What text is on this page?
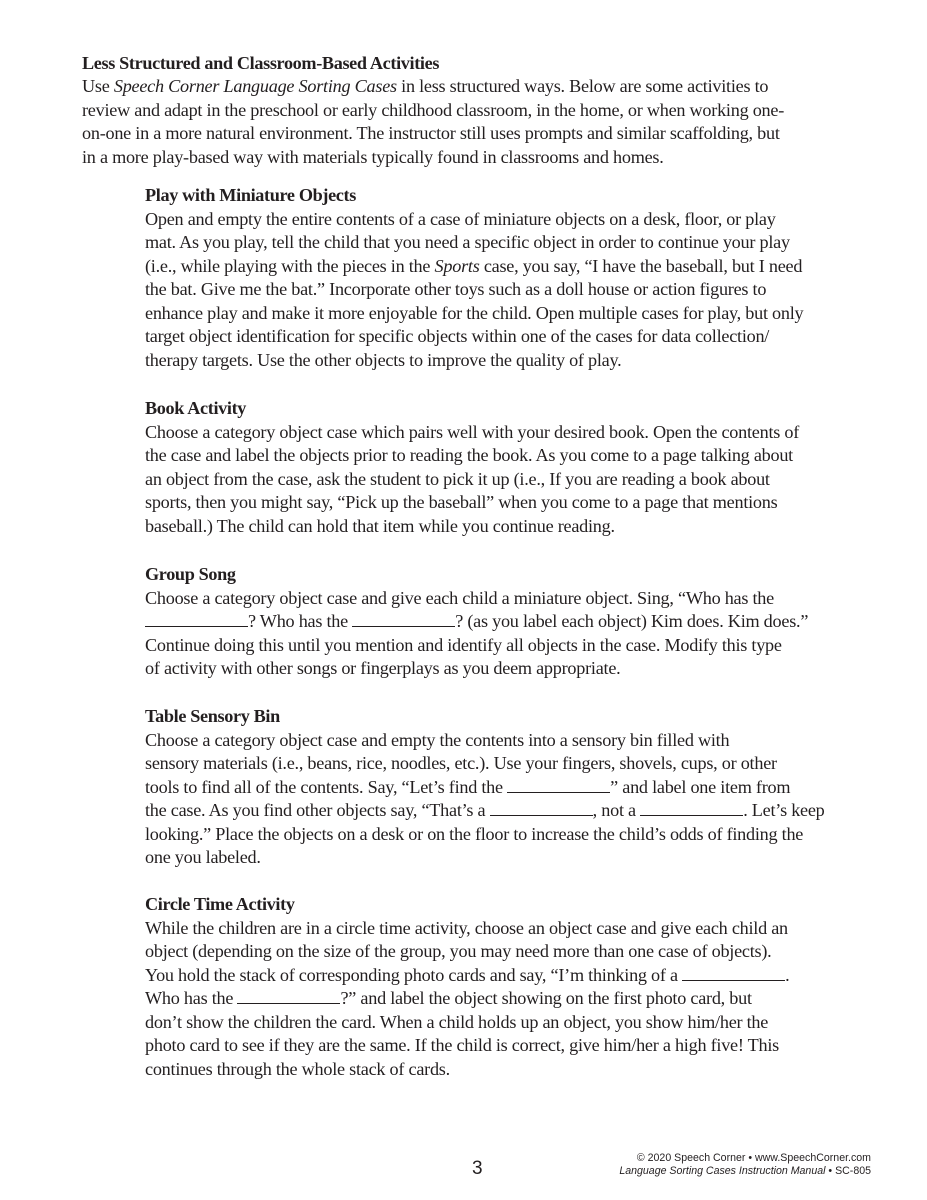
Less Structured and Classroom-Based Activities
Use Speech Corner Language Sorting Cases in less structured ways. Below are some activities to
review and adapt in the preschool or early childhood classroom, in the home, or when working one-
on-one in a more natural environment. The instructor still uses prompts and similar scaffolding, but
in a more play-based way with materials typically found in classrooms and homes.
Play with Miniature Objects
Open and empty the entire contents of a case of miniature objects on a desk, floor, or play
mat. As you play, tell the child that you need a specific object in order to continue your play
(i.e., while playing with the pieces in the Sports case, you say, “I have the baseball, but I need
the bat. Give me the bat.” Incorporate other toys such as a doll house or action figures to
enhance play and make it more enjoyable for the child. Open multiple cases for play, but only
target object identification for specific objects within one of the cases for data collection/
therapy targets. Use the other objects to improve the quality of play.
Book Activity
Choose a category object case which pairs well with your desired book. Open the contents of
the case and label the objects prior to reading the book. As you come to a page talking about
an object from the case, ask the student to pick it up (i.e., If you are reading a book about
sports, then you might say, “Pick up the baseball” when you come to a page that mentions
baseball.) The child can hold that item while you continue reading.
Group Song
Choose a category object case and give each child a miniature object. Sing, “Who has the
? Who has the	? (as you label each object) Kim does. Kim does.”
Continue doing this until you mention and identify all objects in the case. Modify this type
of activity with other songs or fingerplays as you deem appropriate.
Table Sensory Bin
Choose a category object case and empty the contents into a sensory bin filled with
sensory materials (i.e., beans, rice, noodles, etc.). Use your fingers, shovels, cups, or other
tools to find all of the contents. Say, “Let’s find the	” and label one item from
the case. As you find other objects say, “That’s a	, not a	. Let’s keep
looking.” Place the objects on a desk or on the floor to increase the child’s odds of finding the
one you labeled.
Circle Time Activity
While the children are in a circle time activity, choose an object case and give each child an
object (depending on the size of the group, you may need more than one case of objects).
You hold the stack of corresponding photo cards and say, “I’m thinking of a	.
Who has the	?” and label the object showing on the first photo card, but
don’t show the children the card. When a child holds up an object, you show him/her the
photo card to see if they are the same. If the child is correct, give him/her a high five! This
continues through the whole stack of cards.
3	© 2020 Speech Corner • www.SpeechCorner.com
Language Sorting Cases Instruction Manual • SC-805
